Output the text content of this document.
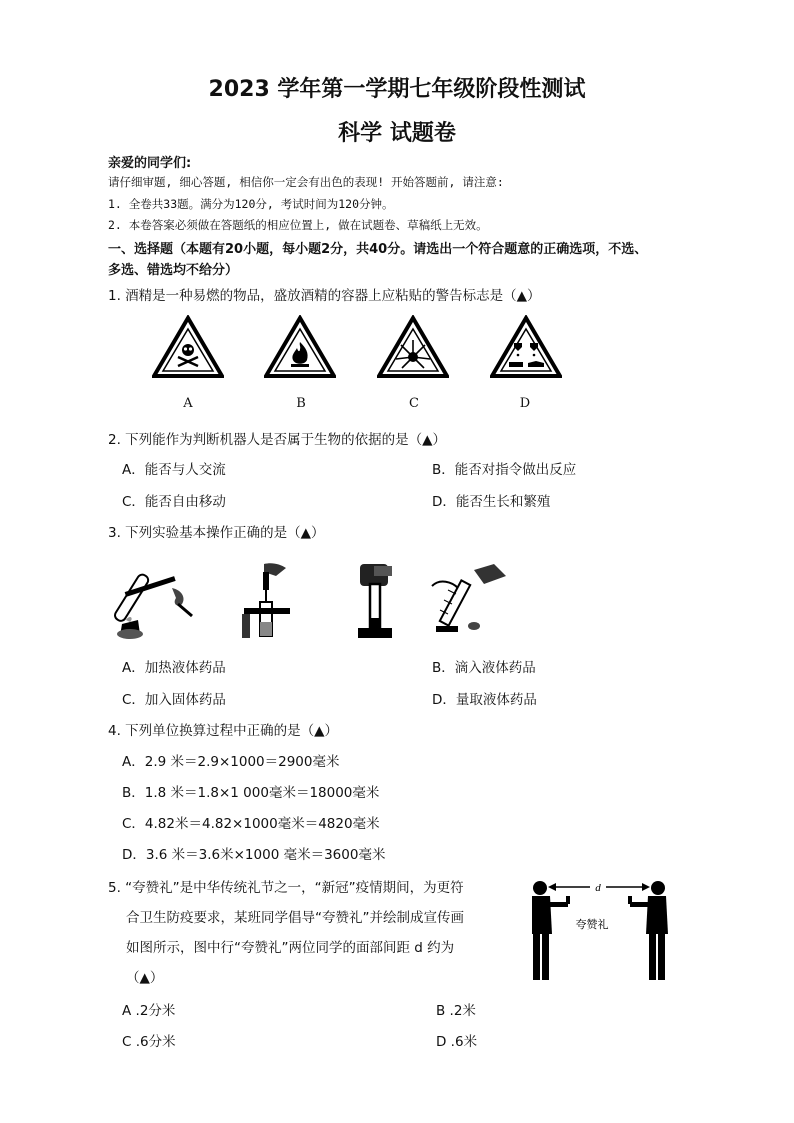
2023 学年第一学期七年级阶段性测试
科学 试题卷
亲爱的同学们:
请仔细审题, 细心答题, 相信你一定会有出色的表现! 开始答题前, 请注意:
1. 全卷共33题。满分为120分, 考试时间为120分钟。
2. 本卷答案必须做在答题纸的相应位置上, 做在试题卷、草稿纸上无效。
一、选择题（本题有20小题，每小题2分，共40分。请选出一个符合题意的正确选项，不选、
多选、错选均不给分）
1. 酒精是一种易燃的物品，盛放酒精的容器上应粘贴的警告标志是（▲）
A	B	C	D
2. 下列能作为判断机器人是否属于生物的依据的是（▲）
A．能否与人交流	B．能否对指令做出反应
C．能否自由移动	D．能否生长和繁殖
3. 下列实验基本操作正确的是（▲）
A．加热液体药品	B．滴入液体药品
C．加入固体药品	D．量取液体药品
4. 下列单位换算过程中正确的是（▲）
A．2.9 米＝2.9×1000＝2900毫米
B．1.8 米＝1.8×1 000毫米＝18000毫米
C．4.82米＝4.82×1000毫米＝4820毫米
D．3.6 米＝3.6米×1000 毫米＝3600毫米
5. “夸赞礼”是中华传统礼节之一，“新冠”疫情期间，为更符
合卫生防疫要求，某班同学倡导“夸赞礼”并绘制成宣传画
如图所示，图中行“夸赞礼”两位同学的面部间距 d 约为
（▲）
d
夸赞礼
A .2分米	B .2米
C .6分米	D .6米
